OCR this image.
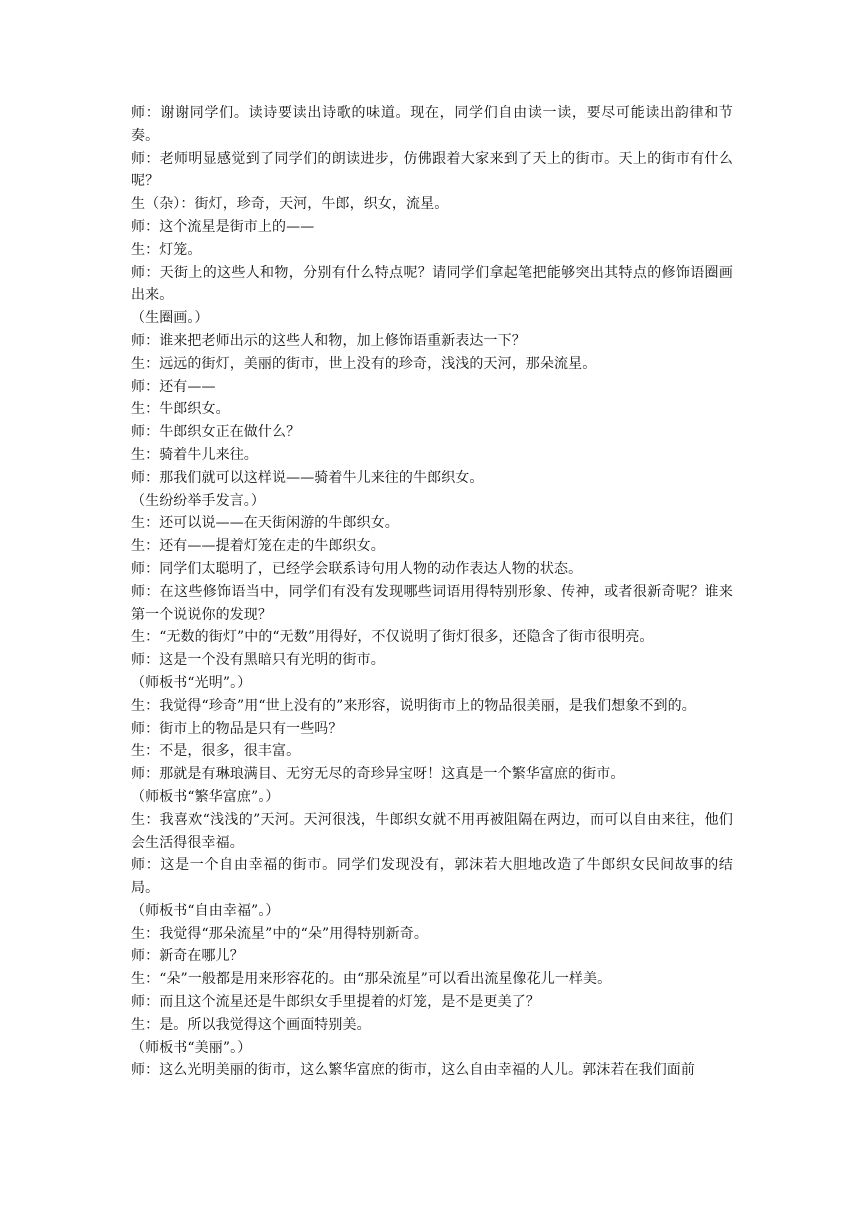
师：谢谢同学们。读诗要读出诗歌的味道。现在，同学们自由读一读，要尽可能读出韵律和节奏。

师：老师明显感觉到了同学们的朗读进步，仿佛跟着大家来到了天上的街市。天上的街市有什么呢？

生（杂）：街灯，珍奇，天河，牛郎，织女，流星。

师：这个流星是街市上的——

生：灯笼。

师：天街上的这些人和物，分别有什么特点呢？请同学们拿起笔把能够突出其特点的修饰语圈画出来。

（生圈画。）

师：谁来把老师出示的这些人和物，加上修饰语重新表达一下？

生：远远的街灯，美丽的街市，世上没有的珍奇，浅浅的天河，那朵流星。

师：还有——

生：牛郎织女。

师：牛郎织女正在做什么？

生：骑着牛儿来往。

师：那我们就可以这样说——骑着牛儿来往的牛郎织女。

（生纷纷举手发言。）

生：还可以说——在天街闲游的牛郎织女。

生：还有——提着灯笼在走的牛郎织女。

师：同学们太聪明了，已经学会联系诗句用人物的动作表达人物的状态。

师：在这些修饰语当中，同学们有没有发现哪些词语用得特别形象、传神，或者很新奇呢？谁来第一个说说你的发现？

生：“无数的街灯”中的“无数”用得好，不仅说明了街灯很多，还隐含了街市很明亮。

师：这是一个没有黑暗只有光明的街市。

（师板书“光明”。）

生：我觉得“珍奇”用“世上没有的”来形容，说明街市上的物品很美丽，是我们想象不到的。

师：街市上的物品是只有一些吗？

生：不是，很多，很丰富。

师：那就是有琳琅满目、无穷无尽的奇珍异宝呀！这真是一个繁华富庶的街市。

（师板书“繁华富庶”。）

生：我喜欢“浅浅的”天河。天河很浅，牛郎织女就不用再被阻隔在两边，而可以自由来往，他们会生活得很幸福。

师：这是一个自由幸福的街市。同学们发现没有，郭沫若大胆地改造了牛郎织女民间故事的结局。

（师板书“自由幸福”。）

生：我觉得“那朵流星”中的“朵”用得特别新奇。

师：新奇在哪儿？

生：“朵”一般都是用来形容花的。由“那朵流星”可以看出流星像花儿一样美。

师：而且这个流星还是牛郎织女手里提着的灯笼，是不是更美了？

生：是。所以我觉得这个画面特别美。

（师板书“美丽”。）

师：这么光明美丽的街市，这么繁华富庶的街市，这么自由幸福的人儿。郭沫若在我们面前
